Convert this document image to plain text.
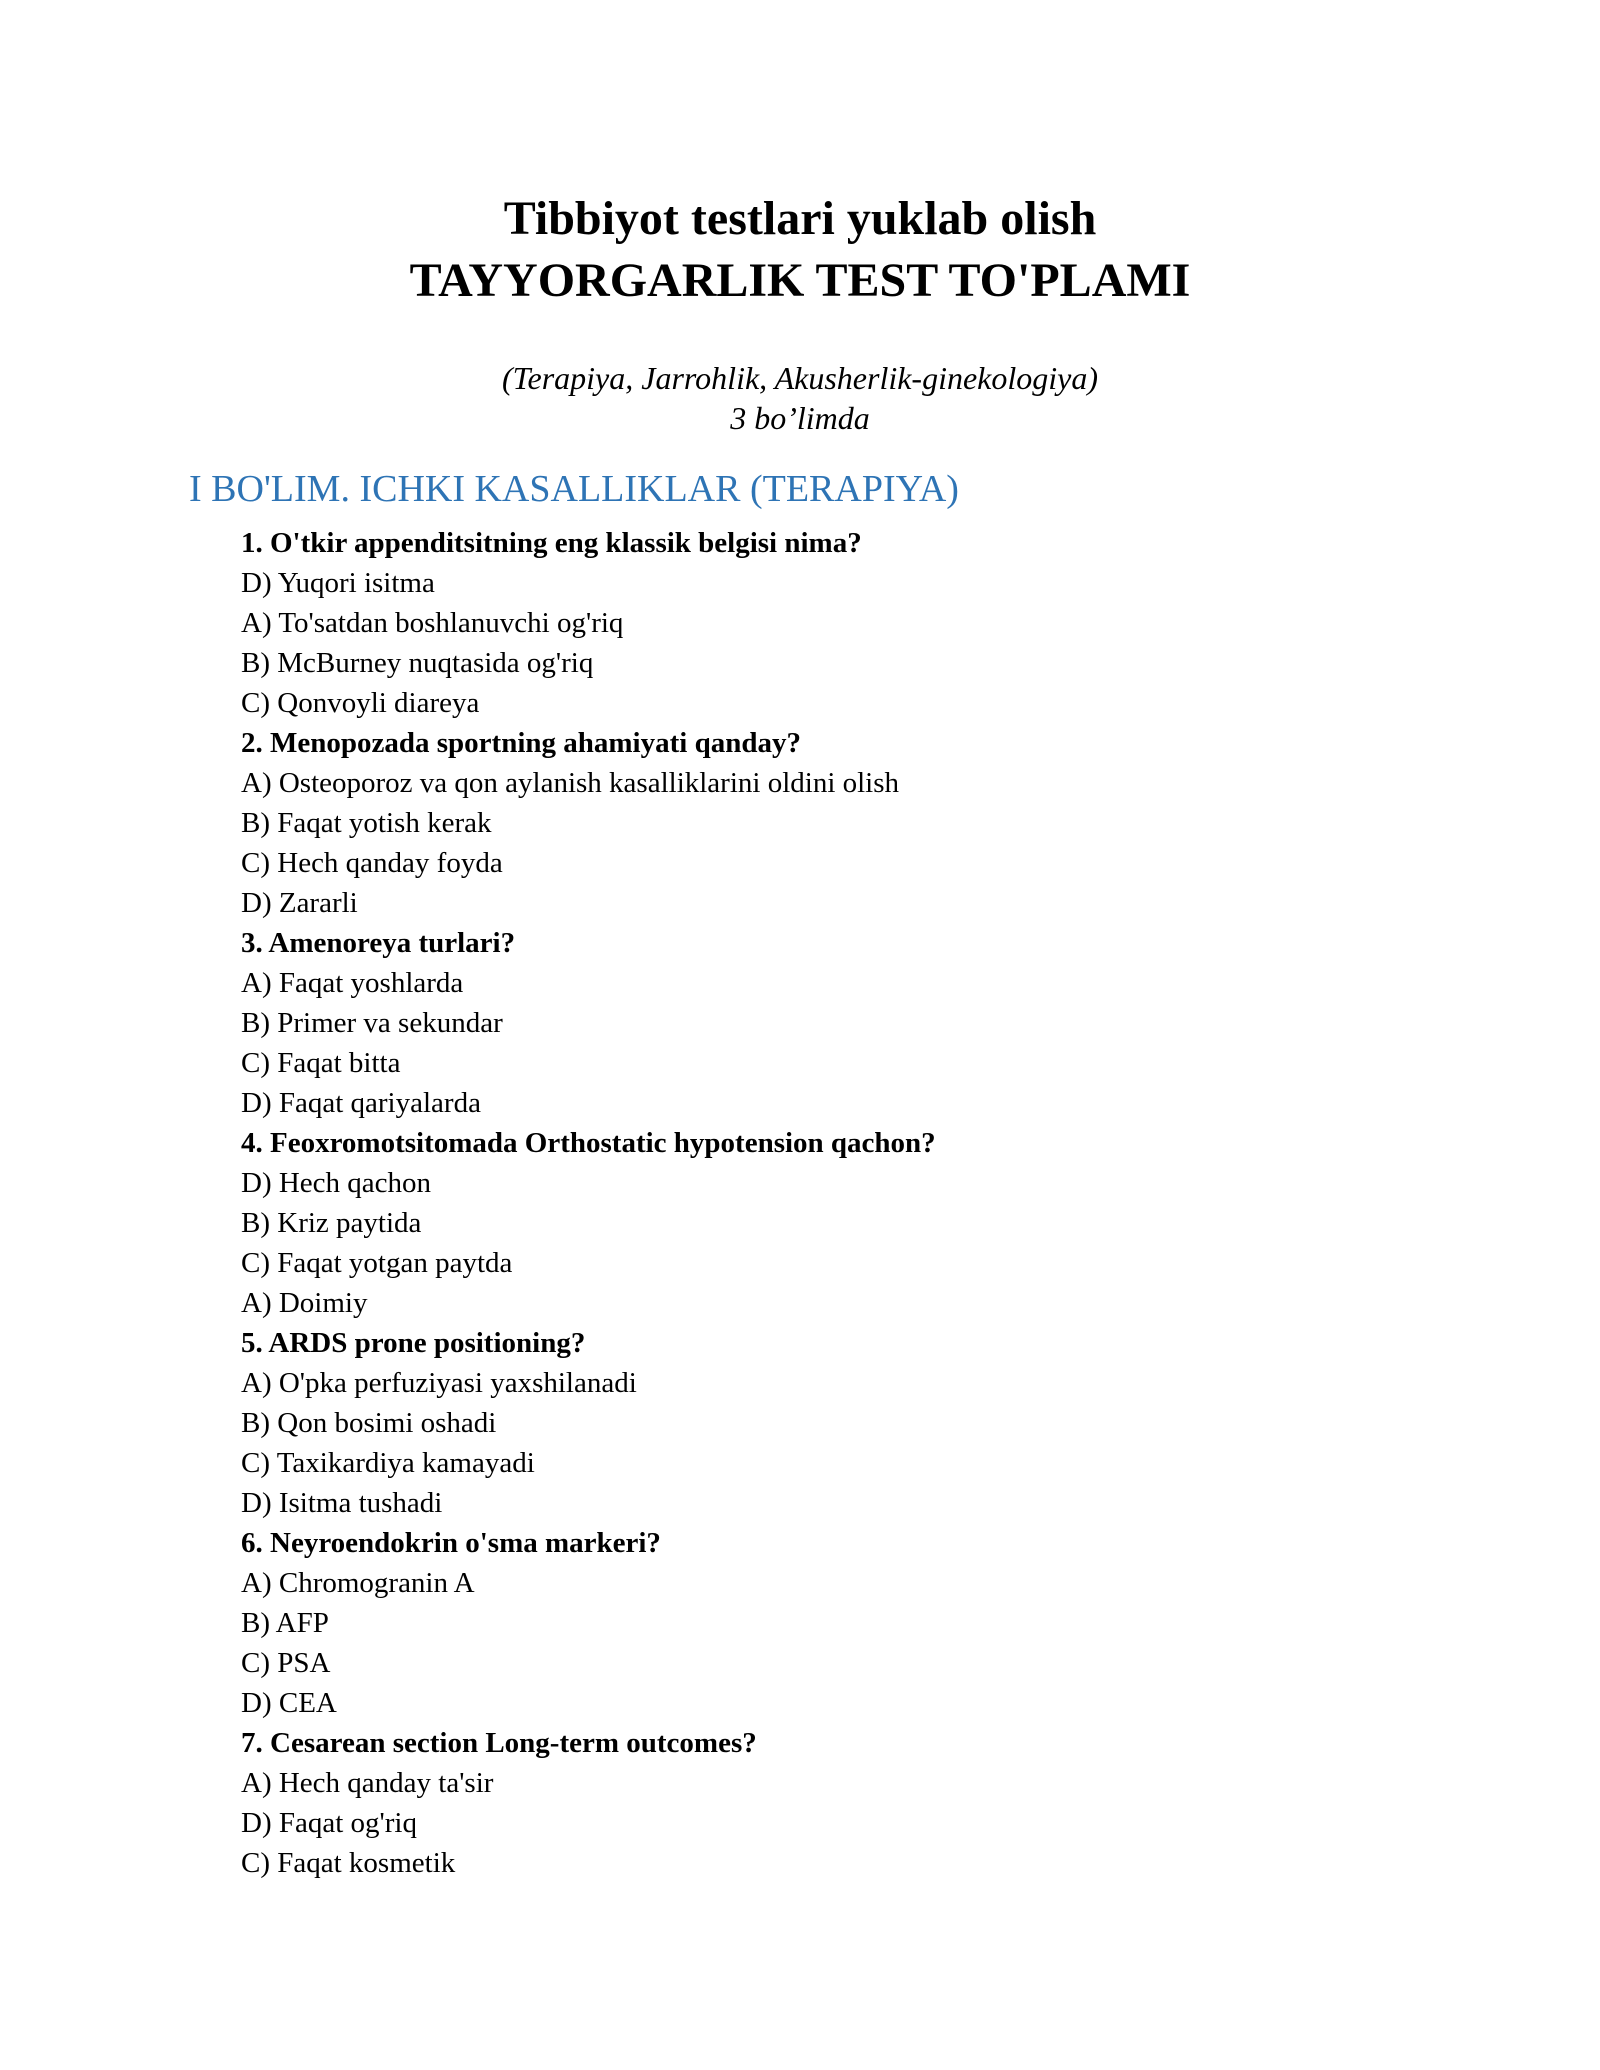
Tibbiyot testlari yuklab olish
TAYYORGARLIK TEST TO'PLAMI
(Terapiya, Jarrohlik, Akusherlik-ginekologiya)
3 bo’limda
I BO'LIM. ICHKI KASALLIKLAR (TERAPIYA)
1. O'tkir appenditsitning eng klassik belgisi nima?
D) Yuqori isitma
A) To'satdan boshlanuvchi og'riq
B) McBurney nuqtasida og'riq
C) Qonvoyli diareya
2. Menopozada sportning ahamiyati qanday?
A) Osteoporoz va qon aylanish kasalliklarini oldini olish
B) Faqat yotish kerak
C) Hech qanday foyda
D) Zararli
3. Amenoreya turlari?
A) Faqat yoshlarda
B) Primer va sekundar
C) Faqat bitta
D) Faqat qariyalarda
4. Feoxromotsitomada Orthostatic hypotension qachon?
D) Hech qachon
B) Kriz paytida
C) Faqat yotgan paytda
A) Doimiy
5. ARDS prone positioning?
A) O'pka perfuziyasi yaxshilanadi
B) Qon bosimi oshadi
C) Taxikardiya kamayadi
D) Isitma tushadi
6. Neyroendokrin o'sma markeri?
A) Chromogranin A
B) AFP
C) PSA
D) CEA
7. Cesarean section Long-term outcomes?
A) Hech qanday ta'sir
D) Faqat og'riq
C) Faqat kosmetik
